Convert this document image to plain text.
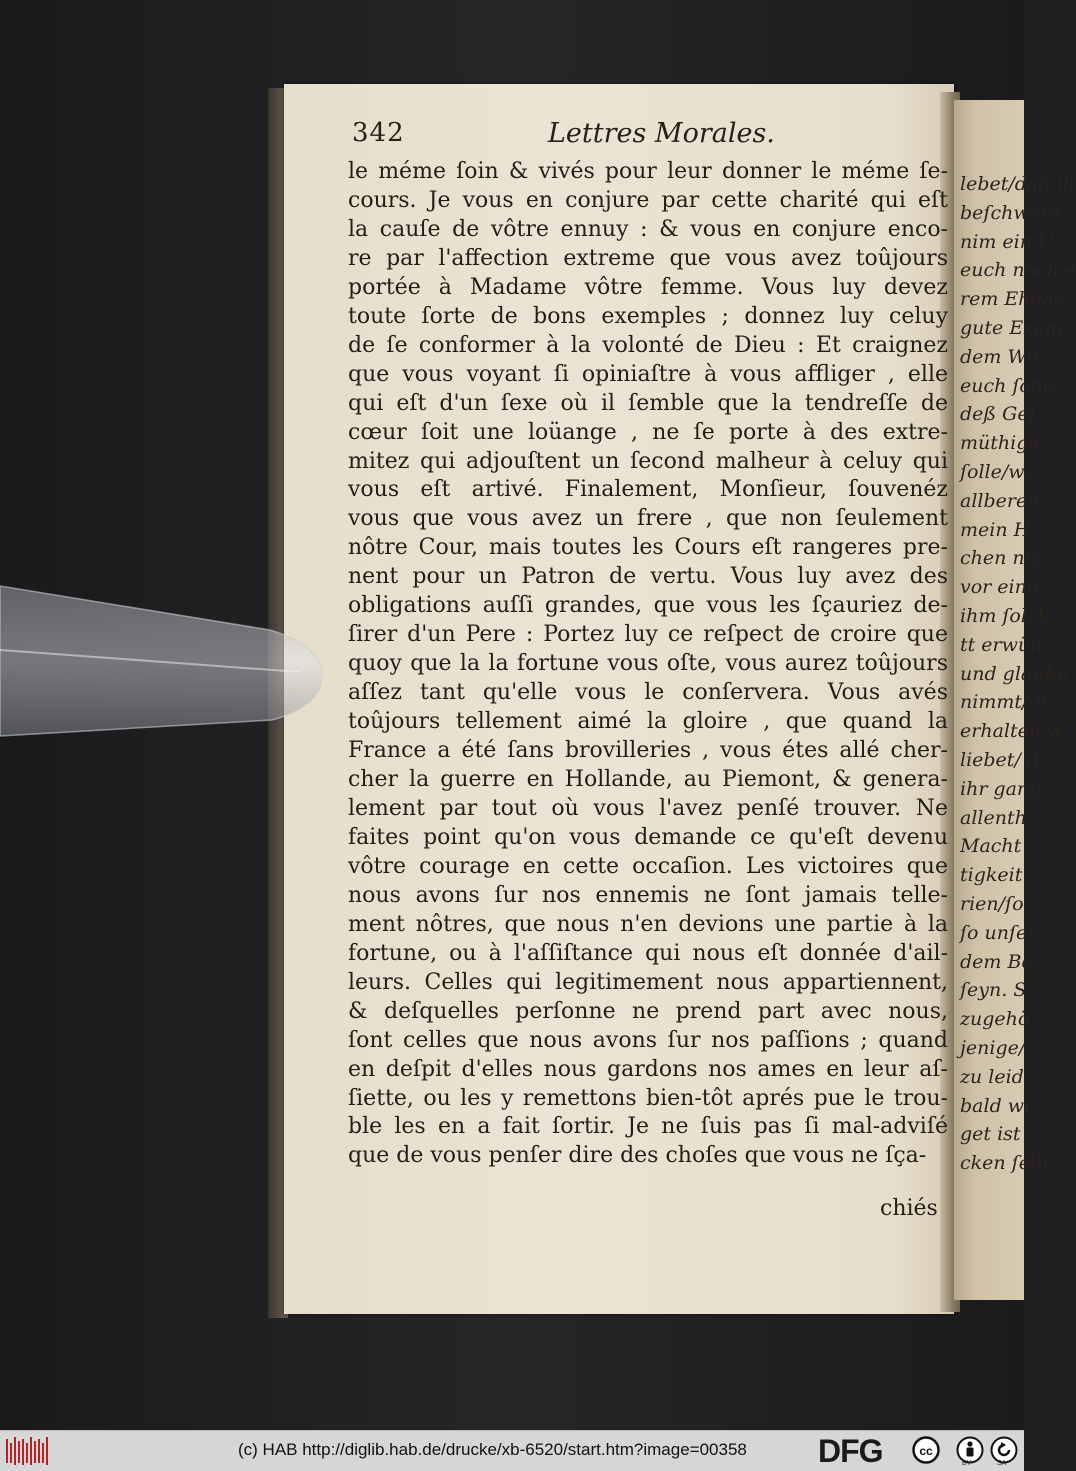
lebet/daß ih
beſchwere
nim ein U
euch noch e
rem Ehega
gute Exem
dem Wil
euch ſohe
deß Geſ
müthigk
ſolle/we
allbereit
mein H
chen nic
vor eine
ihm ſolch
tt erwün
und glaube
nimmt/ih
erhalten w
liebet/ d
ihr gang
allenth
Macht
tigkeit
rien/ſo
ſo unſer
dem Be
ſeyn. S
zugehö
jenige/
zu leid
bald wi
get ist
cken ſelb
342	Lettres Morales.
le méme ſoin & vivés pour leur donner le méme ſe-
cours. Je vous en conjure par cette charité qui eſt
la cauſe de vôtre ennuy : & vous en conjure enco-
re par l'affection extreme que vous avez toûjours
portée à Madame vôtre femme. Vous luy devez
toute ſorte de bons exemples ; donnez luy celuy
de ſe conformer à la volonté de Dieu : Et craignez
que vous voyant ſi opiniaſtre à vous affliger , elle
qui eſt d'un ſexe où il ſemble que la tendreſſe de
cœur ſoit une loüange , ne ſe porte à des extre-
mitez qui adjouſtent un ſecond malheur à celuy qui
vous eſt artivé. Finalement, Monſieur, ſouvenéz
vous que vous avez un frere , que non ſeulement
nôtre Cour, mais toutes les Cours eſt rangeres pre-
nent pour un Patron de vertu. Vous luy avez des
obligations auſſi grandes, que vous les ſçauriez de-
ſirer d'un Pere : Portez luy ce reſpect de croire que
quoy que la la fortune vous oſte, vous aurez toûjours
aſſez tant qu'elle vous le conſervera. Vous avés
toûjours tellement aimé la gloire , que quand la
France a été ſans brovilleries , vous étes allé cher-
cher la guerre en Hollande, au Piemont, & genera-
lement par tout où vous l'avez penſé trouver. Ne
faites point qu'on vous demande ce qu'eſt devenu
vôtre courage en cette occaſion. Les victoires que
nous avons ſur nos ennemis ne ſont jamais telle-
ment nôtres, que nous n'en devions une partie à la
fortune, ou à l'aſſiſtance qui nous eſt donnée d'ail-
leurs. Celles qui legitimement nous appartiennent,
& deſquelles perſonne ne prend part avec nous,
ſont celles que nous avons ſur nos paſſions ; quand
en deſpit d'elles nous gardons nos ames en leur aſ-
ſiette, ou les y remettons bien-tôt aprés pue le trou-
ble les en a fait ſortir. Je ne ſuis pas ſi mal-adviſé
que de vous penſer dire des choſes que vous ne ſça-
chiés
(c) HAB http://diglib.hab.de/drucke/xb-6520/start.htm?image=00358 DFG	cc
BY	SA
